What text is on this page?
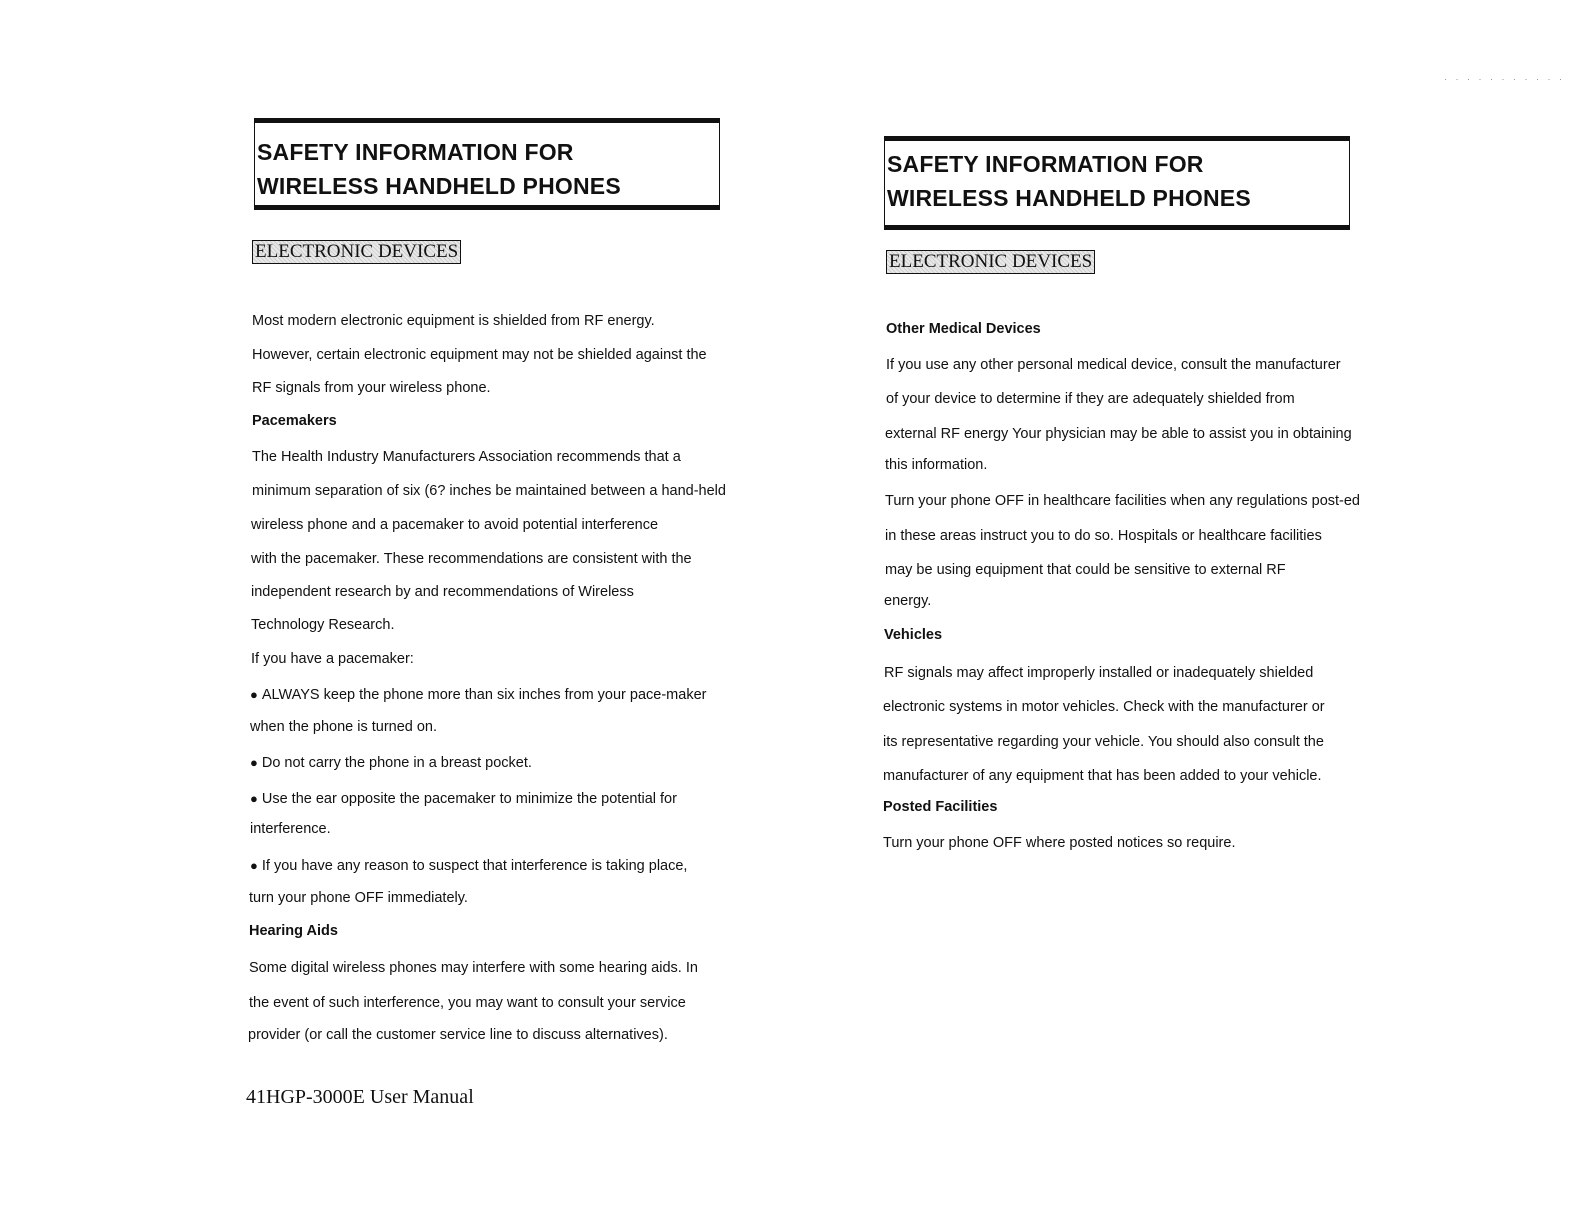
SAFETY INFORMATION FOR
WIRELESS HANDHELD PHONES
ELECTRONIC DEVICES
Most modern electronic equipment is shielded from RF energy.
However, certain electronic equipment may not be shielded against the
RF signals from your wireless phone.
Pacemakers
The Health Industry Manufacturers Association recommends that a
minimum separation of six (6? inches be maintained between a hand-held
wireless phone and a pacemaker to avoid potential interference
with the pacemaker. These recommendations are consistent with the
independent research by and recommendations of Wireless
Technology Research.
If you have a pacemaker:
● ALWAYS keep the phone more than six inches from your pace-maker
when the phone is turned on.
● Do not carry the phone in a breast pocket.
● Use the ear opposite the pacemaker to minimize the potential for
interference.
● If you have any reason to suspect that interference is taking place,
turn your phone OFF immediately.
Hearing Aids
Some digital wireless phones may interfere with some hearing aids. In
the event of such interference, you may want to consult your service
provider (or call the customer service line to discuss alternatives).
41HGP-3000E User Manual
SAFETY INFORMATION FOR
WIRELESS HANDHELD PHONES
ELECTRONIC DEVICES
Other Medical Devices
If you use any other personal medical device, consult the manufacturer
of your device to determine if they are adequately shielded from
external RF energy Your physician may be able to assist you in obtaining
this information.
Turn your phone OFF in healthcare facilities when any regulations post-ed
in these areas instruct you to do so. Hospitals or healthcare facilities
may be using equipment that could be sensitive to external RF
energy.
Vehicles
RF signals may affect improperly installed or inadequately shielded
electronic systems in motor vehicles. Check with the manufacturer or
its representative regarding your vehicle. You should also consult the
manufacturer of any equipment that has been added to your vehicle.
Posted Facilities
Turn your phone OFF where posted notices so require.
· · · · · · · · · · ·
